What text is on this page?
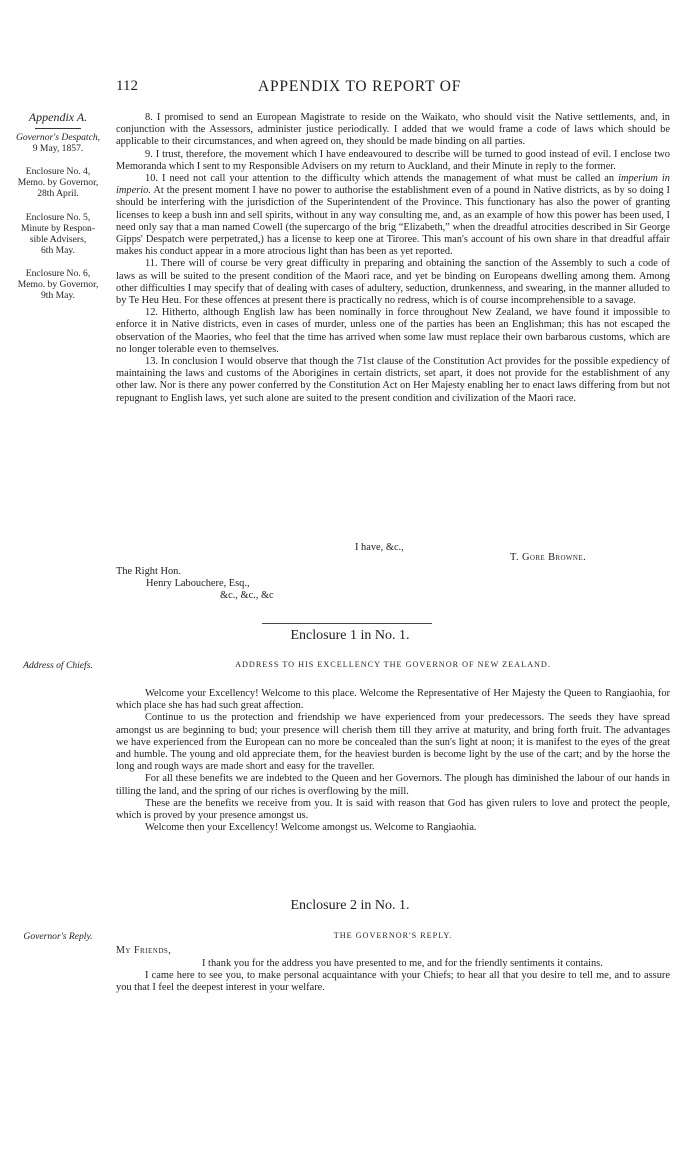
112	APPENDIX TO REPORT OF
Appendix A.
Governor's Despatch,
9 May, 1857.
Enclosure No. 4,
Memo. by Governor,
28th April.
Enclosure No. 5,
Minute by Respon-
sible Advisers,
6th May.
Enclosure No. 6,
Memo. by Governor,
9th May.

8. I promised to send an European Magistrate to reside on the Waikato, who should visit the Native settlements, and, in conjunction with the Assessors, administer justice periodically. I added that we would frame a code of laws which should be applicable to their circumstances, and when agreed on, they should be made binding on all parties.

9. I trust, therefore, the movement which I have endeavoured to describe will be turned to good instead of evil. I enclose two Memoranda which I sent to my Responsible Advisers on my return to Auckland, and their Minute in reply to the former.

10. I need not call your attention to the difficulty which attends the management of what must be called an imperium in imperio. At the present moment I have no power to authorise the establishment even of a pound in Native districts, as by so doing I should be interfering with the jurisdiction of the Superintendent of the Province. This functionary has also the power of granting licenses to keep a bush inn and sell spirits, without in any way consulting me, and, as an example of how this power has been used, I need only say that a man named Cowell (the supercargo of the brig “Elizabeth,” when the dreadful atrocities described in Sir George Gipps' Despatch were perpetrated,) has a license to keep one at Tiroree. This man's account of his own share in that dreadful affair makes his conduct appear in a more atrocious light than has been as yet reported.

11. There will of course be very great difficulty in preparing and obtaining the sanction of the Assembly to such a code of laws as will be suited to the present condition of the Maori race, and yet be binding on Europeans dwelling among them. Among other difficulties I may specify that of dealing with cases of adultery, seduction, drunkenness, and swearing, in the manner alluded to by Te Heu Heu. For these offences at present there is practically no redress, which is of course incomprehensible to a savage.

12. Hitherto, although English law has been nominally in force throughout New Zealand, we have found it impossible to enforce it in Native districts, even in cases of murder, unless one of the parties has been an Englishman; this has not escaped the observation of the Maories, who feel that the time has arrived when some law must replace their own barbarous customs, which are no longer tolerable even to themselves.

13. In conclusion I would observe that though the 71st clause of the Constitution Act provides for the possible expediency of maintaining the laws and customs of the Aborigines in certain districts, set apart, it does not provide for the establishment of any other law. Nor is there any power conferred by the Constitution Act on Her Majesty enabling her to enact laws differing from but not repugnant to English laws, yet such alone are suited to the present condition and civilization of the Maori race.

I have, &c.,
T. Gore Browne.
The Right Hon.
Henry Labouchere, Esq.,
&c., &c., &c
Enclosure 1 in No. 1.
Address of Chiefs.	ADDRESS TO HIS EXCELLENCY THE GOVERNOR OF NEW ZEALAND.

Welcome your Excellency! Welcome to this place. Welcome the Representative of Her Majesty the Queen to Rangiaohia, for which place she has had such great affection.

Continue to us the protection and friendship we have experienced from your predecessors. The seeds they have spread amongst us are beginning to bud; your presence will cherish them till they arrive at maturity, and bring forth fruit. The advantages we have experienced from the European can no more be concealed than the sun's light at noon; it is manifest to the eyes of the great and humble. The young and old appreciate them, for the heaviest burden is become light by the use of the cart; and by the horse the long and rough ways are made short and easy for the traveller.

For all these benefits we are indebted to the Queen and her Governors. The plough has diminished the labour of our hands in tilling the land, and the spring of our riches is overflowing by the mill.

These are the benefits we receive from you. It is said with reason that God has given rulers to love and protect the people, which is proved by your presence amongst us.

Welcome then your Excellency! Welcome amongst us. Welcome to Rangiaohia.

Enclosure 2 in No. 1.
Governor's Reply.	THE GOVERNOR'S REPLY.
My Friends,

I thank you for the address you have presented to me, and for the friendly sentiments it contains.

I came here to see you, to make personal acquaintance with your Chiefs; to hear all that you desire to tell me, and to assure you that I feel the deepest interest in your welfare.
